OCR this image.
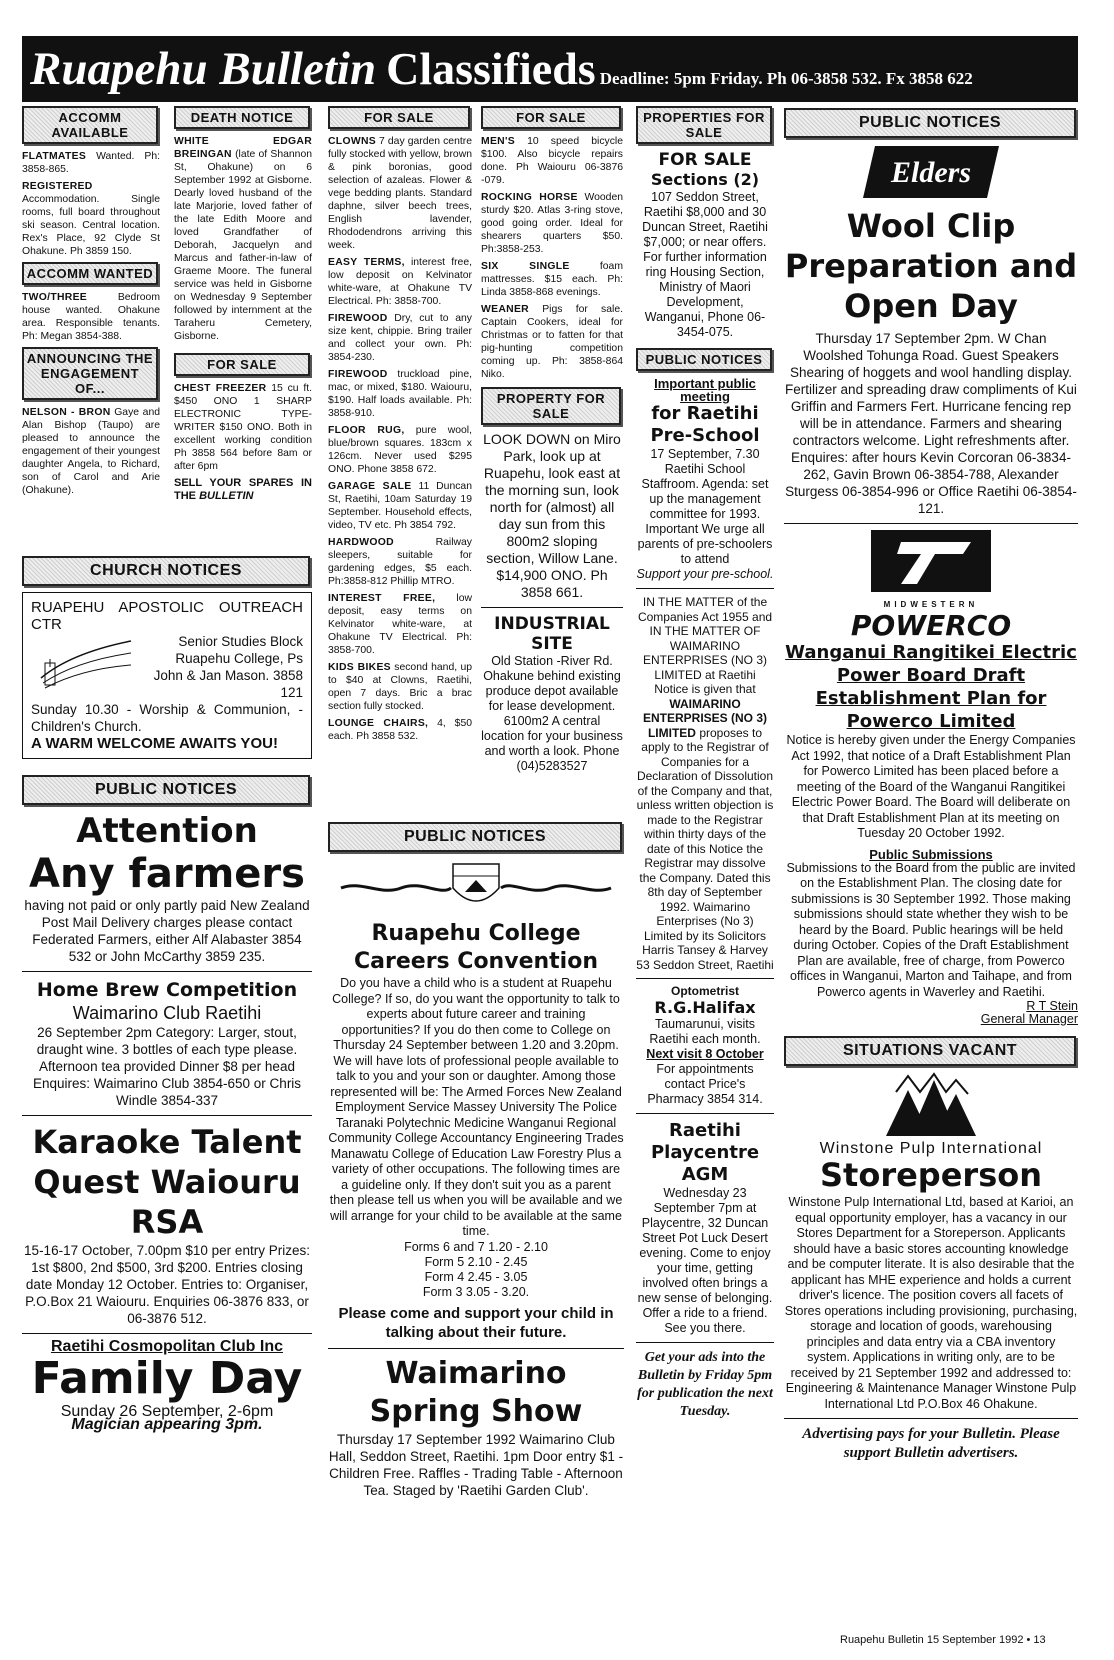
Ruapehu Bulletin Classifieds Deadline: 5pm Friday. Ph 06-3858 532. Fx 3858 622
ACCOMM AVAILABLE

FLATMATES Wanted. Ph: 3858-865.

REGISTERED Accommodation. Single rooms, full board throughout ski season. Central location. Rex's Place, 92 Clyde St Ohakune. Ph 3859 150.

ACCOMM WANTED

TWO/THREE	Bedroom house wanted. Ohakune area. Responsible tenants. Ph: Megan 3854-388.

ANNOUNCING THE ENGAGEMENT OF...

NELSON - BRON Gaye and Alan Bishop (Taupo) are pleased to announce the engagement of their youngest daughter Angela, to Richard, son of Carol and Arie (Ohakune).

DEATH NOTICE

WHITE EDGAR BREINGAN (late of Shannon St, Ohakune) on 6 September 1992 at Gisborne. Dearly loved husband of the late Marjorie, loved father of the late Edith Moore and loved Grandfather of Deborah, Jacquelyn and Marcus and father-in-law of Graeme Moore. The funeral service was held in Gisborne on Wednesday 9 September followed by internment at the Taraheru Cemetery, Gisborne.

FOR SALE

CHEST FREEZER 15 cu ft. $450 ONO 1 SHARP ELECTRONIC TYPE-WRITER $150 ONO. Both in excellent working condition Ph 3858 564 before 8am or after 6pm

SELL YOUR SPARES IN THE BULLETIN

FOR SALE

CLOWNS 7 day garden centre fully stocked with yellow, brown & pink boronias, good selection of azaleas. Flower & vege bedding plants. Standard daphne, silver beech trees, English lavender, Rhododendrons arriving this week.

EASY TERMS, interest free, low deposit on Kelvinator white-ware, at Ohakune TV Electrical. Ph: 3858-700.

FIREWOOD Dry, cut to any size kent, chippie. Bring trailer and collect your own. Ph: 3854-230.

FIREWOOD truckload pine, mac, or mixed, $180. Waiouru, $190. Half loads available. Ph: 3858-910.

FLOOR RUG, pure wool, blue/brown squares. 183cm x 126cm. Never used $295 ONO. Phone 3858 672.

GARAGE SALE 11 Duncan St, Raetihi, 10am Saturday 19 September. Household effects, video, TV etc. Ph 3854 792.

HARDWOOD	Railway sleepers, suitable for gardening edges, $5 each. Ph:3858-812 Phillip MTRO.

INTEREST FREE, low deposit, easy terms on Kelvinator white-ware, at Ohakune TV Electrical. Ph: 3858-700.

KIDS BIKES second hand, up to $40 at Clowns, Raetihi, open 7 days. Bric a brac section fully stocked.

LOUNGE CHAIRS, 4, $50 each. Ph 3858 532.

FOR SALE

MEN'S 10 speed bicycle $100. Also bicycle repairs done. Ph Waiouru 06-3876 -079.

ROCKING HORSE Wooden sturdy $20. Atlas 3-ring stove, good going order. Ideal for shearers quarters $50. Ph:3858-253.

SIX SINGLE	foam mattresses. $15 each. Ph: Linda 3858-868 evenings.

WEANER Pigs for sale. Captain Cookers, ideal for Christmas or to fatten for that pig-hunting competition coming up. Ph: 3858-864 Niko.

PROPERTY FOR SALE

LOOK DOWN on Miro Park, look up at Ruapehu, look east at the morning sun, look north for (almost) all day sun from this 800m2 sloping section, Willow Lane. $14,900 ONO. Ph 3858 661.

INDUSTRIAL SITE

Old Station -River Rd. Ohakune behind existing produce depot available for lease development. 6100m2 A central location for your business and worth a look. Phone (04)5283527

PROPERTIES FOR SALE

FOR SALE

Sections (2)

107 Seddon Street, Raetihi $8,000 and 30 Duncan Street, Raetihi $7,000; or near offers. For further information ring Housing Section, Ministry of Maori Development, Wanganui, Phone 06-3454-075.

PUBLIC NOTICES

Important public meeting

for Raetihi Pre-School

17 September, 7.30 Raetihi School Staffroom. Agenda: set up the management committee for 1993. Important We urge all parents of pre-schoolers to attend

Support your pre-school.

IN THE MATTER of the Companies Act 1955 and IN THE MATTER OF WAIMARINO ENTERPRISES (NO 3) LIMITED at Raetihi Notice is given that WAIMARINO ENTERPRISES (NO 3) LIMITED proposes to apply to the Registrar of Companies for a Declaration of Dissolution of the Company and that, unless written objection is made to the Registrar within thirty days of the date of this Notice the Registrar may dissolve the Company. Dated this 8th day of September 1992. Waimarino Enterprises (No 3) Limited by its Solicitors Harris Tansey & Harvey 53 Seddon Street, Raetihi

Optometrist

R.G.Halifax

Taumarunui, visits Raetihi each month.

Next visit 8 October

For appointments contact Price's Pharmacy 3854 314.

Raetihi Playcentre AGM

Wednesday 23 September 7pm at Playcentre, 32 Duncan Street Pot Luck Desert evening. Come to enjoy your time, getting involved often brings a new sense of belonging. Offer a ride to a friend. See you there.

Get your ads into the Bulletin by Friday 5pm for publication the next Tuesday.

PUBLIC NOTICES
Elders

Wool Clip Preparation and Open Day

Thursday 17 September 2pm. W Chan Woolshed Tohunga Road. Guest Speakers Shearing of hoggets and wool handling display. Fertilizer and spreading draw compliments of Kui Griffin and Farmers Fert. Hurricane fencing rep will be in attendance. Farmers and shearing contractors welcome. Light refreshments after. Enquires: after hours Kevin Corcoran 06-3834-262, Gavin Brown 06-3854-788, Alexander Sturgess 06-3854-996 or Office Raetihi 06-3854-121.

MIDWESTERN

POWERCO

Wanganui Rangitikei Electric Power Board Draft Establishment Plan for Powerco Limited

Notice is hereby given under the Energy Companies Act 1992, that notice of a Draft Establishment Plan for Powerco Limited has been placed before a meeting of the Board of the Wanganui Rangitikei Electric Power Board. The Board will deliberate on that Draft Establishment Plan at its meeting on Tuesday 20 October 1992.

Public Submissions

Submissions to the Board from the public are invited on the Establishment Plan. The closing date for submissions is 30 September 1992. Those making submissions should state whether they wish to be heard by the Board. Public hearings will be held during October. Copies of the Draft Establishment Plan are available, free of charge, from Powerco offices in Wanganui, Marton and Taihape, and from Powerco agents in Waverley and Raetihi.

R T Stein

General Manager

SITUATIONS VACANT

Winstone Pulp International

Storeperson

Winstone Pulp International Ltd, based at Karioi, an equal opportunity employer, has a vacancy in our Stores Department for a Storeperson. Applicants should have a basic stores accounting knowledge and be computer literate. It is also desirable that the applicant has MHE experience and holds a current driver's licence. The position covers all facets of Stores operations including provisioning, purchasing, storage and location of goods, warehousing principles and data entry via a CBA inventory system. Applications in writing only, are to be received by 21 September 1992 and addressed to: Engineering & Maintenance Manager Winstone Pulp International Ltd P.O.Box 46 Ohakune.

Advertising pays for your Bulletin. Please support Bulletin advertisers.

CHURCH NOTICES

RUAPEHU APOSTOLIC OUTREACH CTR

Senior Studies Block Ruapehu College, Ps John & Jan Mason. 3858 121

Sunday 10.30 - Worship & Communion, -Children's Church.

A WARM WELCOME AWAITS YOU!

PUBLIC NOTICES

Attention

Any farmers

having not paid or only partly paid New Zealand Post Mail Delivery charges please contact Federated Farmers, either Alf Alabaster 3854 532 or John McCarthy 3859 235.

Home Brew Competition

Waimarino Club Raetihi

26 September 2pm Category: Larger, stout, draught wine. 3 bottles of each type please. Afternoon tea provided Dinner $8 per head Enquires: Waimarino Club 3854-650 or Chris Windle 3854-337

Karaoke Talent Quest Waiouru RSA

15-16-17 October, 7.00pm $10 per entry Prizes: 1st $800, 2nd $500, 3rd $200. Entries closing date Monday 12 October. Entries to: Organiser, P.O.Box 21 Waiouru. Enquiries 06-3876 833, or 06-3876 512.

Raetihi Cosmopolitan Club Inc

Family Day

Sunday 26 September, 2-6pm

Magician appearing 3pm.

PUBLIC NOTICES

Ruapehu College Careers Convention

Do you have a child who is a student at Ruapehu College? If so, do you want the opportunity to talk to experts about future career and training opportunities? If you do then come to College on Thursday 24 September between 1.20 and 3.20pm. We will have lots of professional people available to talk to you and your son or daughter. Among those represented will be: The Armed Forces New Zealand Employment Service Massey University The Police Taranaki Polytechnic Medicine Wanganui Regional Community College Accountancy Engineering Trades Manawatu College of Education Law Forestry Plus a variety of other occupations. The following times are a guideline only. If they don't suit you as a parent then please tell us when you will be available and we will arrange for your child to be available at the same time.

Forms 6 and 7 1.20 - 2.10

Form 5 2.10 - 2.45

Form 4 2.45 - 3.05

Form 3 3.05 - 3.20.

Please come and support your child in talking about their future.

Waimarino Spring Show

Thursday 17 September 1992 Waimarino Club Hall, Seddon Street, Raetihi. 1pm Door entry $1 - Children Free. Raffles - Trading Table - Afternoon Tea. Staged by 'Raetihi Garden Club'.

Ruapehu Bulletin 15 September 1992 • 13
